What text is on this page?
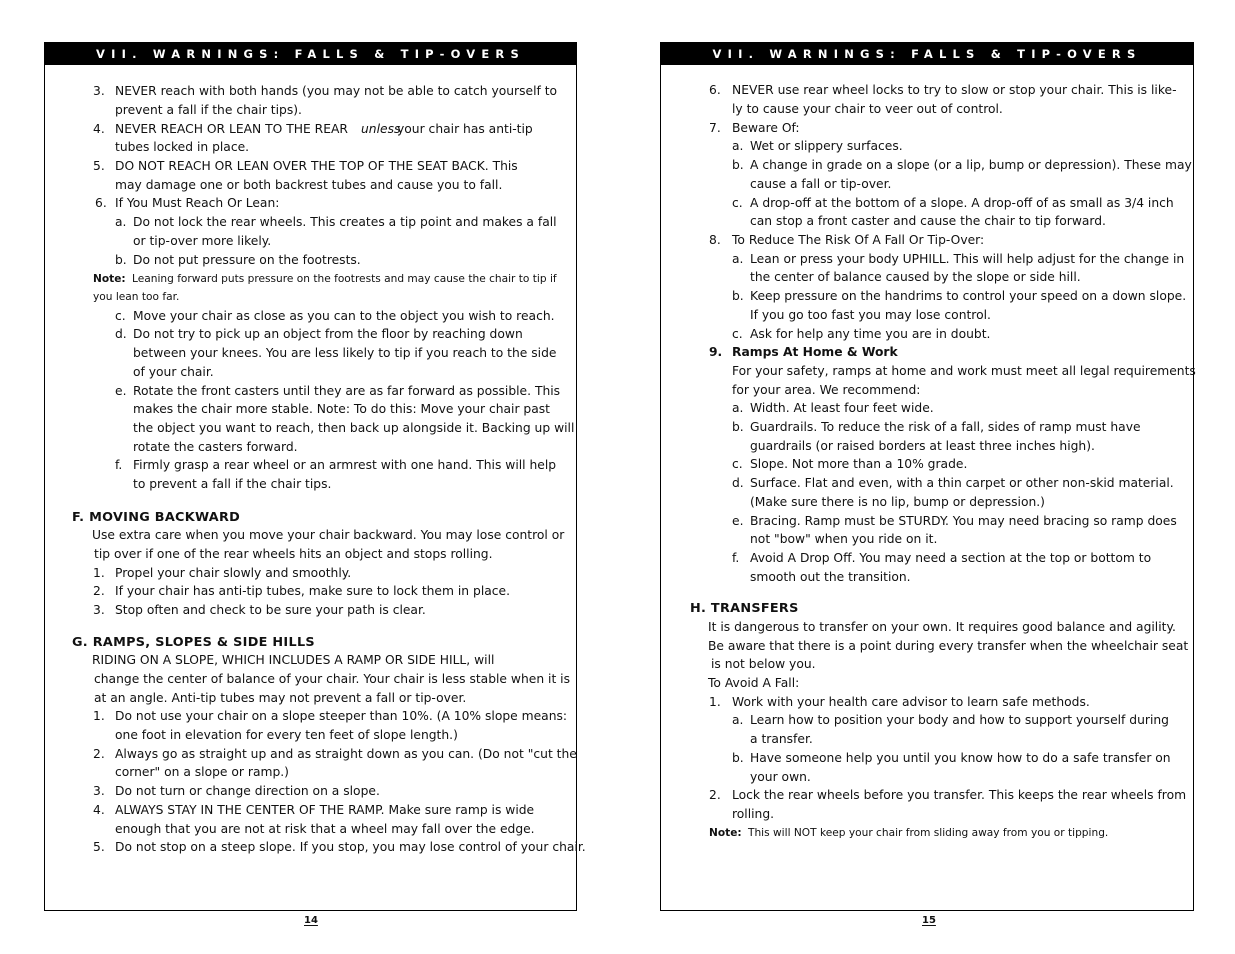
VII. WARNINGS: FALLS & TIP-OVERS	VII. WARNINGS: FALLS & TIP-OVERS
3. NEVER reach with both hands (you may not be able to catch yourself to
prevent a fall if the chair tips).
4. NEVER REACH OR LEAN TO THE REAR unless
your chair has anti-tip
tubes locked in place.
5. DO NOT REACH OR LEAN OVER THE TOP OF THE SEAT BACK. This
may damage one or both backrest tubes and cause you to fall.
6. If You Must Reach Or Lean:
a. Do not lock the rear wheels. This creates a tip point and makes a fall
or tip-over more likely.
b. Do not put pressure on the footrests.
Note: Leaning forward puts pressure on the footrests and may cause the chair to tip if
you lean too far.
c. Move your chair as close as you can to the object you wish to reach.
d. Do not try to pick up an object from the floor by reaching down
between your knees. You are less likely to tip if you reach to the side
of your chair.
e. Rotate the front casters until they are as far forward as possible. This
makes the chair more stable. Note: To do this: Move your chair past
the object you want to reach, then back up alongside it. Backing up will
rotate the casters forward.
f. Firmly grasp a rear wheel or an armrest with one hand. This will help
to prevent a fall if the chair tips.
F. MOVING BACKWARD
Use extra care when you move your chair backward. You may lose control or
tip over if one of the rear wheels hits an object and stops rolling.
1. Propel your chair slowly and smoothly.
2. If your chair has anti-tip tubes, make sure to lock them in place.
3. Stop often and check to be sure your path is clear.
G. RAMPS, SLOPES & SIDE HILLS
RIDING ON A SLOPE, WHICH INCLUDES A RAMP OR SIDE HILL, will
change the center of balance of your chair. Your chair is less stable when it is
at an angle. Anti-tip tubes may not prevent a fall or tip-over.
1. Do not use your chair on a slope steeper than 10%. (A 10% slope means:
one foot in elevation for every ten feet of slope length.)
2. Always go as straight up and as straight down as you can. (Do not "cut the
corner" on a slope or ramp.)
3. Do not turn or change direction on a slope.
4. ALWAYS STAY IN THE CENTER OF THE RAMP. Make sure ramp is wide
enough that you are not at risk that a wheel may fall over the edge.
5. Do not stop on a steep slope. If you stop, you may lose control of your chair.
6. NEVER use rear wheel locks to try to slow or stop your chair. This is like-
ly to cause your chair to veer out of control.
7. Beware Of:
a. Wet or slippery surfaces.
b. A change in grade on a slope (or a lip, bump or depression). These may
cause a fall or tip-over.
c. A drop-off at the bottom of a slope. A drop-off of as small as 3/4 inch
can stop a front caster and cause the chair to tip forward.
8. To Reduce The Risk Of A Fall Or Tip-Over:
a. Lean or press your body UPHILL. This will help adjust for the change in
the center of balance caused by the slope or side hill.
b. Keep pressure on the handrims to control your speed on a down slope.
If you go too fast you may lose control.
c. Ask for help any time you are in doubt.
9. Ramps At Home & Work
For your safety, ramps at home and work must meet all legal requirements
for your area. We recommend:
a. Width. At least four feet wide.
b. Guardrails. To reduce the risk of a fall, sides of ramp must have
guardrails (or raised borders at least three inches high).
c. Slope. Not more than a 10% grade.
d. Surface. Flat and even, with a thin carpet or other non-skid material.
(Make sure there is no lip, bump or depression.)
e. Bracing. Ramp must be STURDY. You may need bracing so ramp does
not "bow" when you ride on it.
f. Avoid A Drop Off. You may need a section at the top or bottom to
smooth out the transition.
H. TRANSFERS
It is dangerous to transfer on your own. It requires good balance and agility.
Be aware that there is a point during every transfer when the wheelchair seat
is not below you.
To Avoid A Fall:
1. Work with your health care advisor to learn safe methods.
a. Learn how to position your body and how to support yourself during
a transfer.
b. Have someone help you until you know how to do a safe transfer on
your own.
2. Lock the rear wheels before you transfer. This keeps the rear wheels from
rolling.
Note: This will NOT keep your chair from sliding away from you or tipping.
14	15
